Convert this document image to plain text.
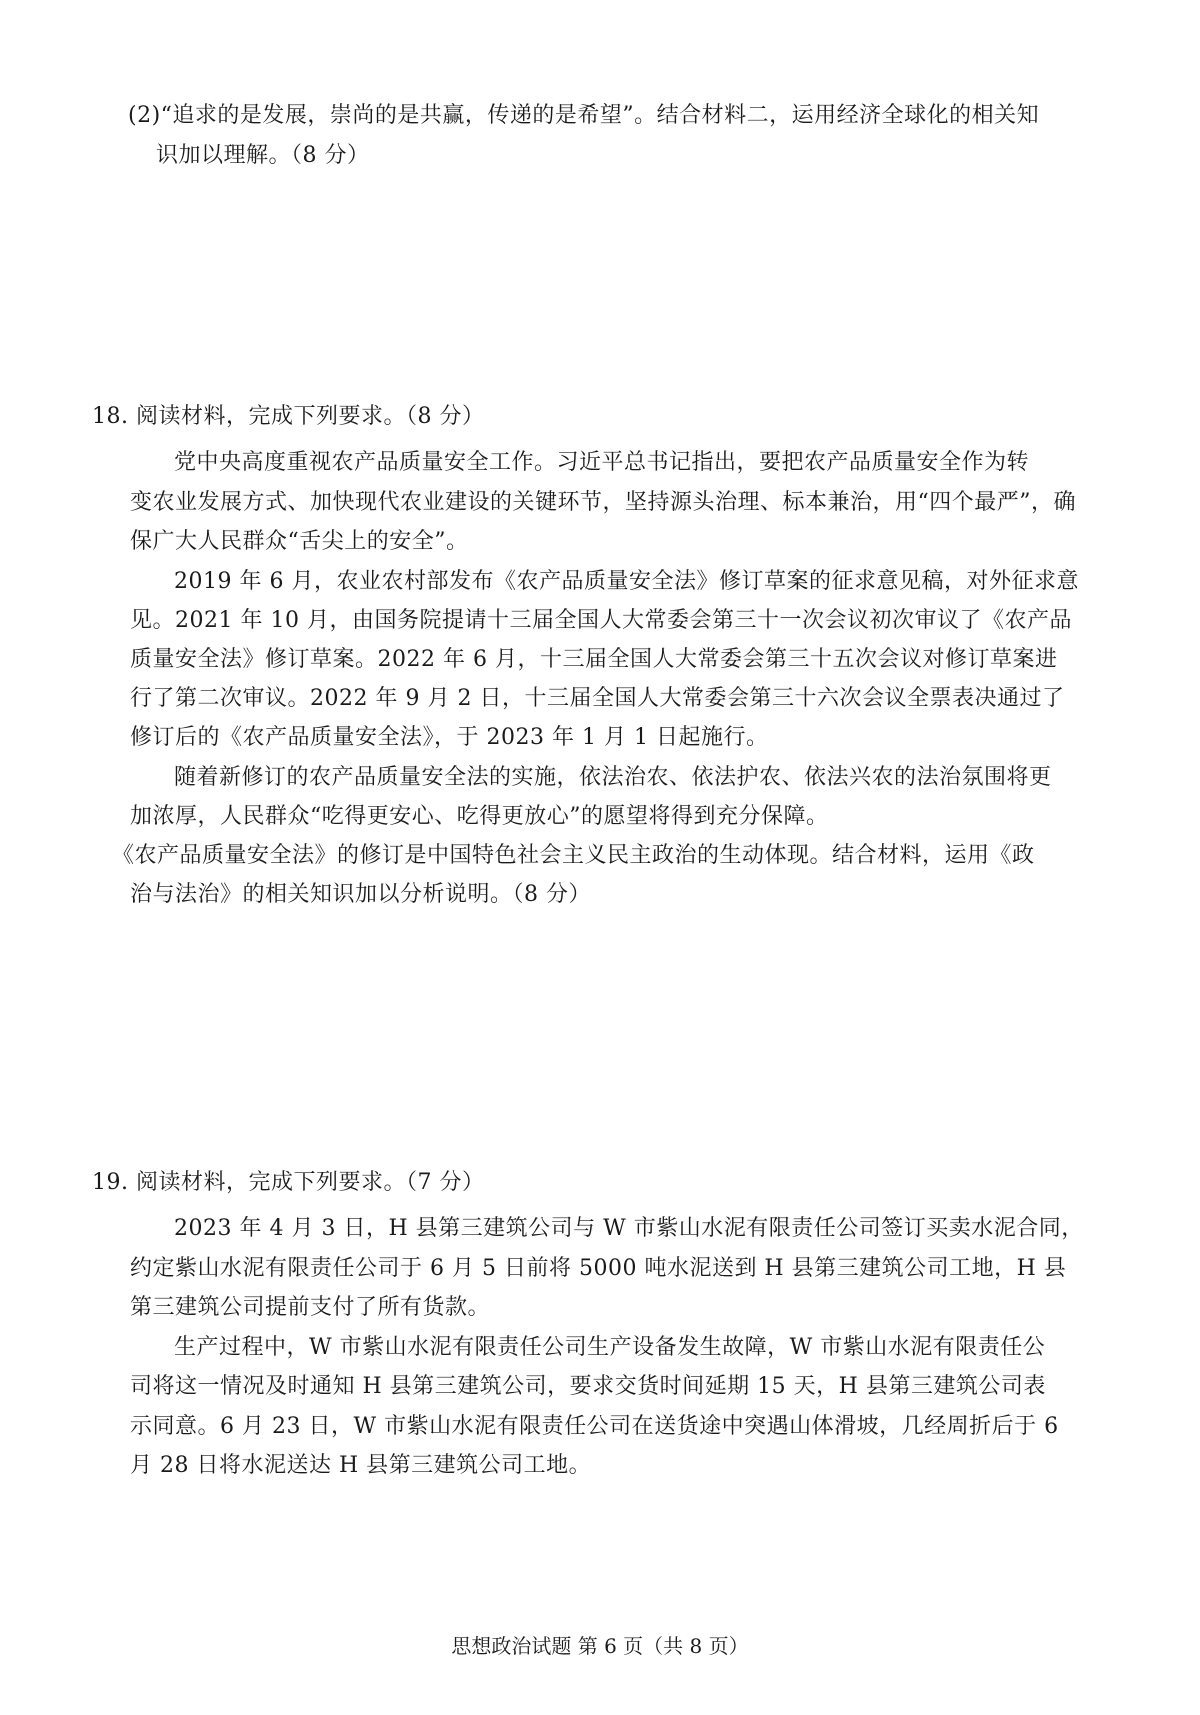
(2)“追求的是发展，崇尚的是共赢，传递的是希望”。结合材料二，运用经济全球化的相关知
识加以理解。（8 分）
18. 阅读材料，完成下列要求。（8 分）
党中央高度重视农产品质量安全工作。习近平总书记指出，要把农产品质量安全作为转
变农业发展方式、加快现代农业建设的关键环节，坚持源头治理、标本兼治，用“四个最严”，确
保广大人民群众“舌尖上的安全”。
2019 年 6 月，农业农村部发布《农产品质量安全法》修订草案的征求意见稿，对外征求意
见。2021 年 10 月，由国务院提请十三届全国人大常委会第三十一次会议初次审议了《农产品
质量安全法》修订草案。2022 年 6 月，十三届全国人大常委会第三十五次会议对修订草案进
行了第二次审议。2022 年 9 月 2 日，十三届全国人大常委会第三十六次会议全票表决通过了
修订后的《农产品质量安全法》，于 2023 年 1 月 1 日起施行。
随着新修订的农产品质量安全法的实施，依法治农、依法护农、依法兴农的法治氛围将更
加浓厚，人民群众“吃得更安心、吃得更放心”的愿望将得到充分保障。
《农产品质量安全法》的修订是中国特色社会主义民主政治的生动体现。结合材料，运用《政
治与法治》的相关知识加以分析说明。（8 分）
19. 阅读材料，完成下列要求。（7 分）
2023 年 4 月 3 日，H 县第三建筑公司与 W 市紫山水泥有限责任公司签订买卖水泥合同，
约定紫山水泥有限责任公司于 6 月 5 日前将 5000 吨水泥送到 H 县第三建筑公司工地，H 县
第三建筑公司提前支付了所有货款。
生产过程中，W 市紫山水泥有限责任公司生产设备发生故障，W 市紫山水泥有限责任公
司将这一情况及时通知 H 县第三建筑公司，要求交货时间延期 15 天，H 县第三建筑公司表
示同意。6 月 23 日，W 市紫山水泥有限责任公司在送货途中突遇山体滑坡，几经周折后于 6
月 28 日将水泥送达 H 县第三建筑公司工地。
思想政治试题 第 6 页（共 8 页）
